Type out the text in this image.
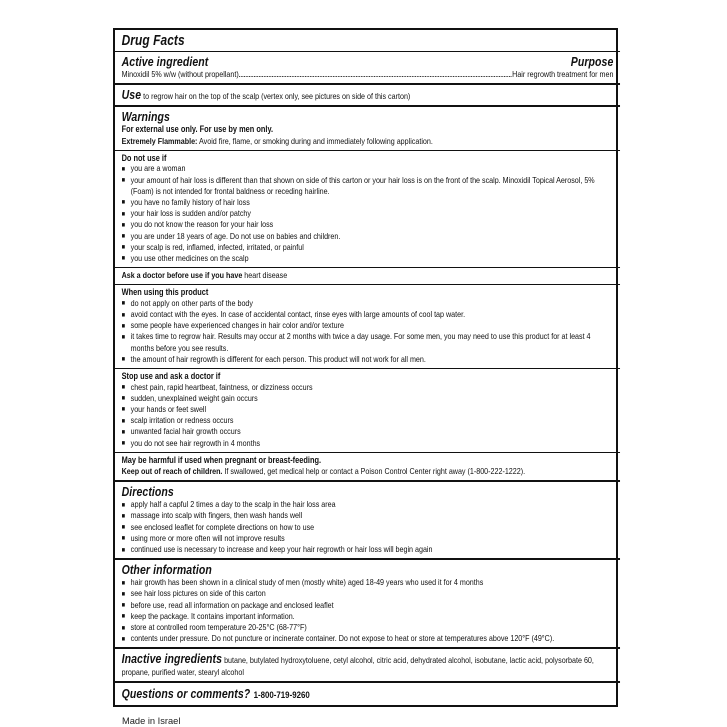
Drug Facts
Active ingredient	Purpose
Minoxidil 5% w/w (without propellant)	Hair regrowth treatment for men

Use to regrow hair on the top of the scalp (vertex only, see pictures on side of this carton)

Warnings

For external use only. For use by men only.

Extremely Flammable: Avoid fire, flame, or smoking during and immediately following application.

Do not use if
■ you are a woman
■ your amount of hair loss is different than that shown on side of this carton or your hair loss is on the front of the scalp. Minoxidil Topical Aerosol, 5% (Foam) is not intended for frontal baldness or receding hairline.
■ you have no family history of hair loss
■ your hair loss is sudden and/or patchy
■ you do not know the reason for your hair loss
■ you are under 18 years of age. Do not use on babies and children.
■ your scalp is red, inflamed, infected, irritated, or painful
■ you use other medicines on the scalp

Ask a doctor before use if you have heart disease

When using this product
■ do not apply on other parts of the body
■ avoid contact with the eyes. In case of accidental contact, rinse eyes with large amounts of cool tap water.
■ some people have experienced changes in hair color and/or texture
■ it takes time to regrow hair. Results may occur at 2 months with twice a day usage. For some men, you may need to use this product for at least 4 months before you see results.
■ the amount of hair regrowth is different for each person. This product will not work for all men.
Stop use and ask a doctor if
■ chest pain, rapid heartbeat, faintness, or dizziness occurs
■ sudden, unexplained weight gain occurs
■ your hands or feet swell
■ scalp irritation or redness occurs
■ unwanted facial hair growth occurs
■ you do not see hair regrowth in 4 months

May be harmful if used when pregnant or breast-feeding.

Keep out of reach of children. If swallowed, get medical help or contact a Poison Control Center right away (1-800-222-1222).

Directions
■ apply half a capful 2 times a day to the scalp in the hair loss area
■ massage into scalp with fingers, then wash hands well
■ see enclosed leaflet for complete directions on how to use
■ using more or more often will not improve results
■ continued use is necessary to increase and keep your hair regrowth or hair loss will begin again
Other information
■ hair growth has been shown in a clinical study of men (mostly white) aged 18-49 years who used it for 4 months
■ see hair loss pictures on side of this carton
■ before use, read all information on package and enclosed leaflet
■ keep the package. It contains important information.
■ store at controlled room temperature 20-25°C (68-77°F)
■ contents under pressure. Do not puncture or incinerate container. Do not expose to heat or store at temperatures above 120°F (49°C).

Inactive ingredients butane, butylated hydroxytoluene, cetyl alcohol, citric acid, dehydrated alcohol, isobutane, lactic acid, polysorbate 60, propane, purified water, stearyl alcohol

Questions or comments? 1-800-719-9260
Made in Israel
